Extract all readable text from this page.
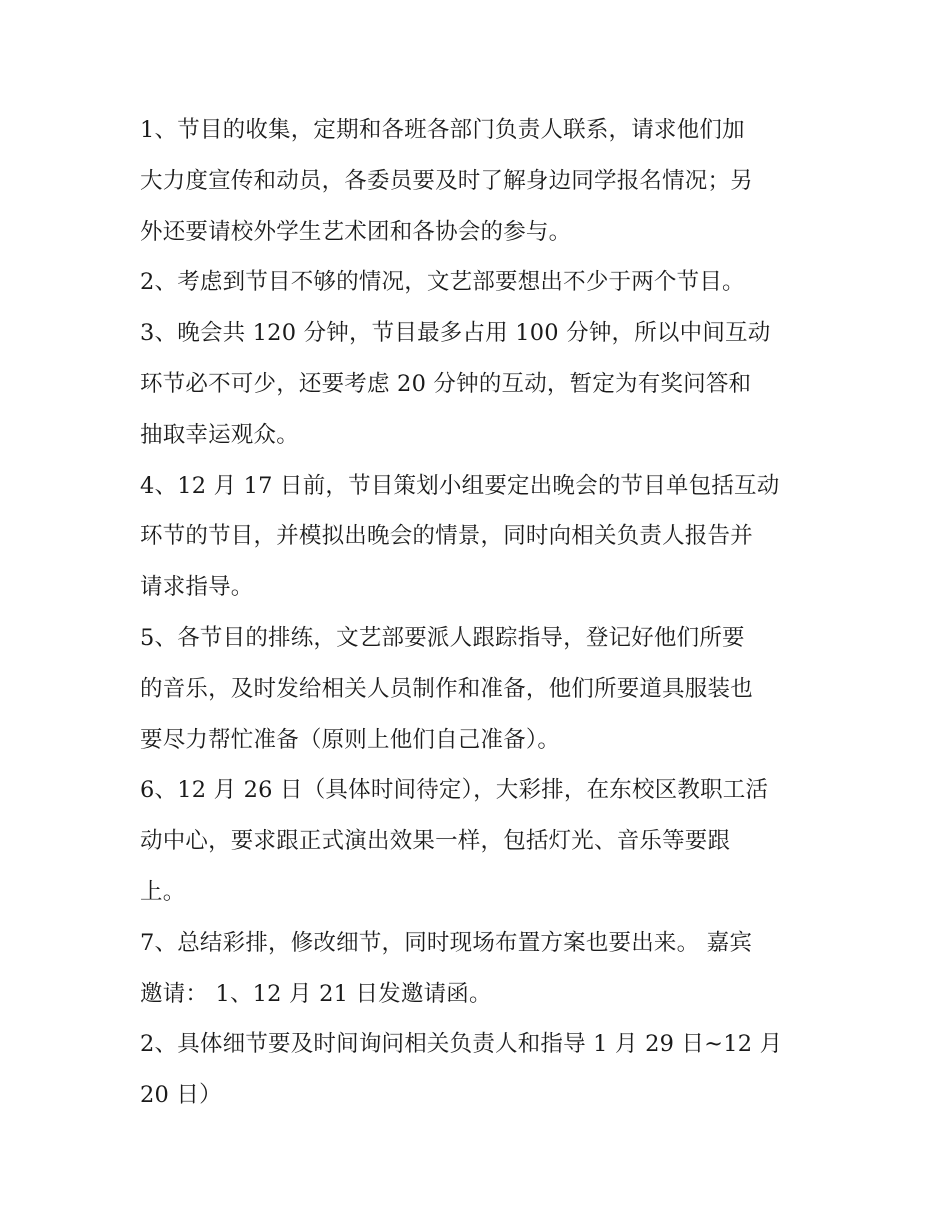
1、节目的收集，定期和各班各部门负责人联系，请求他们加
大力度宣传和动员，各委员要及时了解身边同学报名情况；另
外还要请校外学生艺术团和各协会的参与。
2、考虑到节目不够的情况，文艺部要想出不少于两个节目。
3、晚会共 120 分钟，节目最多占用 100 分钟，所以中间互动
环节必不可少，还要考虑 20 分钟的互动，暂定为有奖问答和
抽取幸运观众。
4、12 月 17 日前，节目策划小组要定出晚会的节目单包括互动
环节的节目，并模拟出晚会的情景，同时向相关负责人报告并
请求指导。
5、各节目的排练，文艺部要派人跟踪指导，登记好他们所要
的音乐，及时发给相关人员制作和准备，他们所要道具服装也
要尽力帮忙准备（原则上他们自己准备）。
6、12 月 26 日（具体时间待定），大彩排，在东校区教职工活
动中心，要求跟正式演出效果一样，包括灯光、音乐等要跟
上。
7、总结彩排，修改细节，同时现场布置方案也要出来。 嘉宾
邀请： 1、12 月 21 日发邀请函。
2、具体细节要及时间询问相关负责人和指导 1 月 29 日~12 月
20 日）
